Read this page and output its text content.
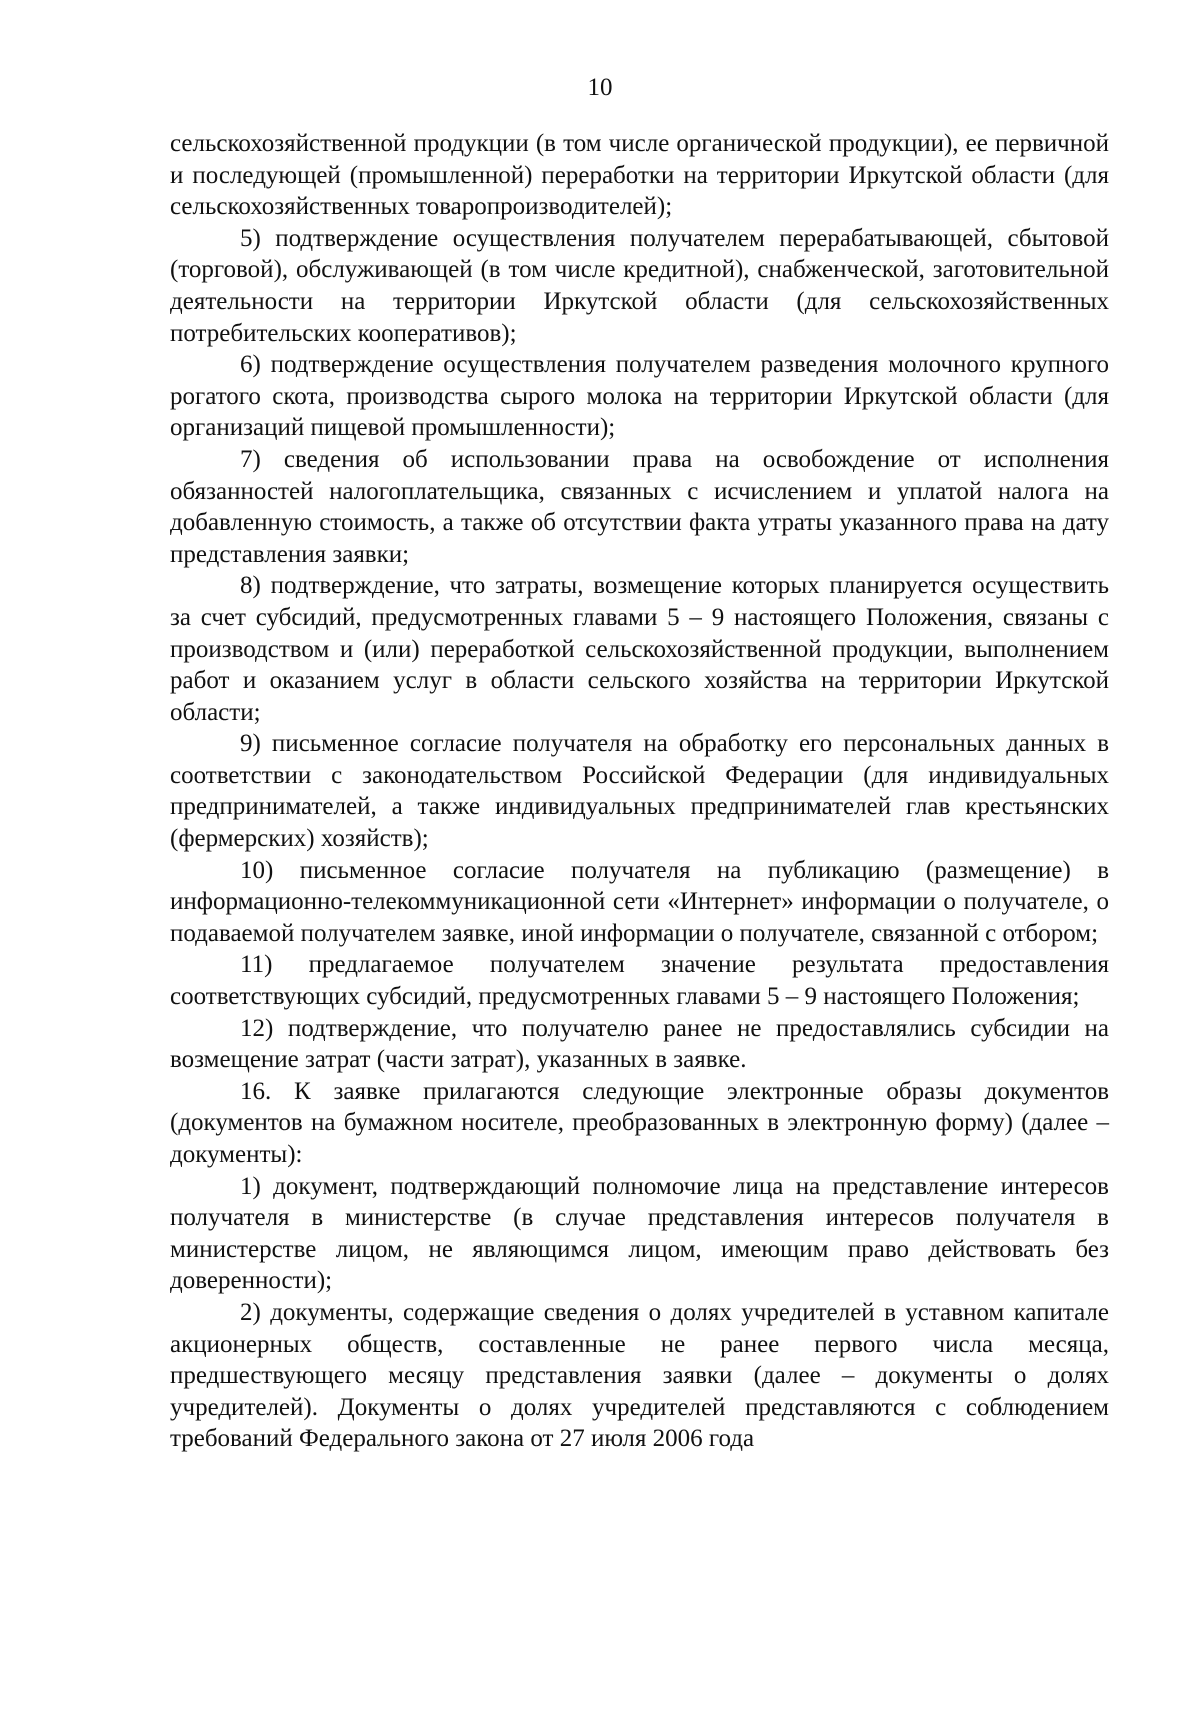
10

сельскохозяйственной продукции (в том числе органической продукции), ее первичной и последующей (промышленной) переработки на территории Иркутской области (для сельскохозяйственных товаропроизводителей);

5) подтверждение осуществления получателем перерабатывающей, сбытовой (торговой), обслуживающей (в том числе кредитной), снабженческой, заготовительной деятельности на территории Иркутской области (для сельскохозяйственных потребительских кооперативов);

6) подтверждение осуществления получателем разведения молочного крупного рогатого скота, производства сырого молока на территории Иркутской области (для организаций пищевой промышленности);

7) сведения об использовании права на освобождение от исполнения обязанностей налогоплательщика, связанных с исчислением и уплатой налога на добавленную стоимость, а также об отсутствии факта утраты указанного права на дату представления заявки;

8) подтверждение, что затраты, возмещение которых планируется осуществить за счет субсидий, предусмотренных главами 5 – 9 настоящего Положения, связаны с производством и (или) переработкой сельскохозяйственной продукции, выполнением работ и оказанием услуг в области сельского хозяйства на территории Иркутской области;

9) письменное согласие получателя на обработку его персональных данных в соответствии с законодательством Российской Федерации (для индивидуальных предпринимателей, а также индивидуальных предпринимателей глав крестьянских (фермерских) хозяйств);

10) письменное согласие получателя на публикацию (размещение) в информационно-телекоммуникационной сети «Интернет» информации о получателе, о подаваемой получателем заявке, иной информации о получателе, связанной с отбором;

11) предлагаемое получателем значение результата предоставления соответствующих субсидий, предусмотренных главами 5 – 9 настоящего Положения;

12) подтверждение, что получателю ранее не предоставлялись субсидии на возмещение затрат (части затрат), указанных в заявке.

16. К заявке прилагаются следующие электронные образы документов (документов на бумажном носителе, преобразованных в электронную форму) (далее – документы):

1) документ, подтверждающий полномочие лица на представление интересов получателя в министерстве (в случае представления интересов получателя в министерстве лицом, не являющимся лицом, имеющим право действовать без доверенности);

2) документы, содержащие сведения о долях учредителей в уставном капитале акционерных обществ, составленные не ранее первого числа месяца, предшествующего месяцу представления заявки (далее – документы о долях учредителей). Документы о долях учредителей представляются с соблюдением требований Федерального закона от 27 июля 2006 года
